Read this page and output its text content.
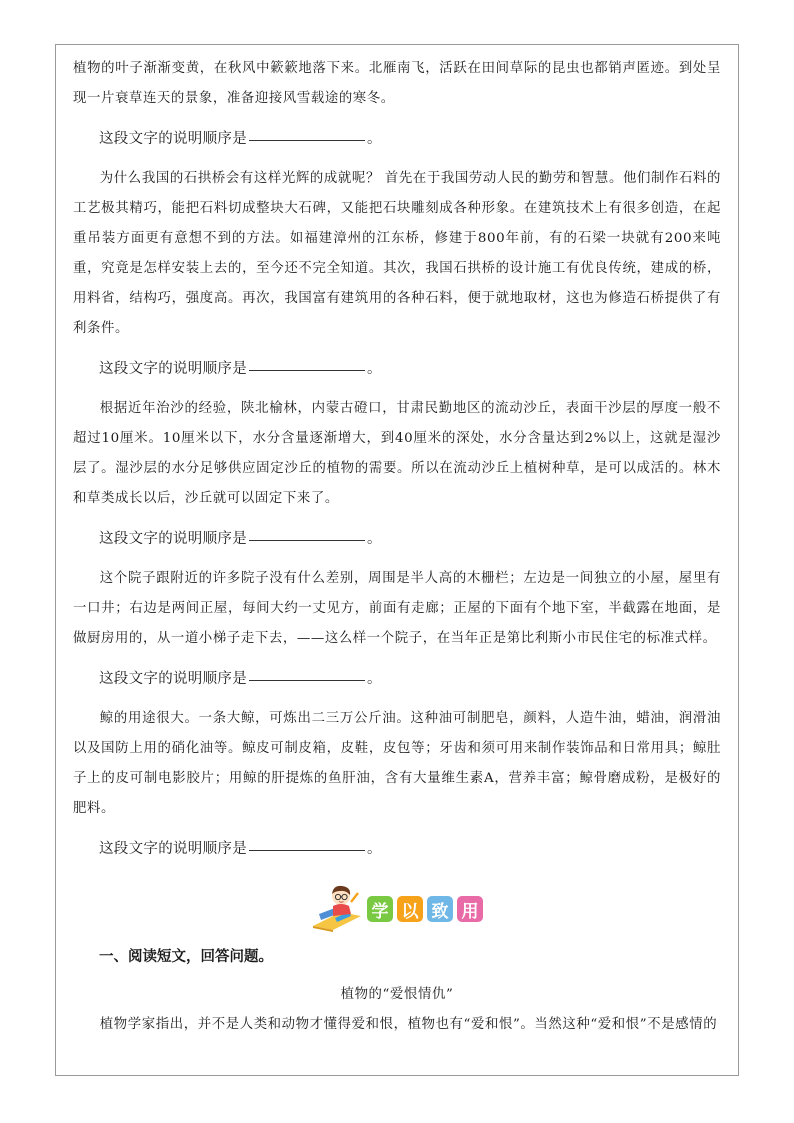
植物的叶子渐渐变黄，在秋风中簌簌地落下来。北雁南飞，活跃在田间草际的昆虫也都销声匿迹。到处呈现一片衰草连天的景象，准备迎接风雪载途的寒冬。

这段文字的说明顺序是	。

为什么我国的石拱桥会有这样光辉的成就呢？ 首先在于我国劳动人民的勤劳和智慧。他们制作石料的工艺极其精巧，能把石料切成整块大石碑，又能把石块雕刻成各种形象。在建筑技术上有很多创造，在起重吊装方面更有意想不到的方法。如福建漳州的江东桥，修建于800年前，有的石梁一块就有200来吨重，究竟是怎样安装上去的，至今还不完全知道。其次，我国石拱桥的设计施工有优良传统，建成的桥，用料省，结构巧，强度高。再次，我国富有建筑用的各种石料，便于就地取材，这也为修造石桥提供了有利条件。

这段文字的说明顺序是	。

根据近年治沙的经验，陕北榆林，内蒙古磴口，甘肃民勤地区的流动沙丘，表面干沙层的厚度一般不超过10厘米。10厘米以下，水分含量逐渐增大，到40厘米的深处，水分含量达到2%以上，这就是湿沙层了。湿沙层的水分足够供应固定沙丘的植物的需要。所以在流动沙丘上植树种草，是可以成活的。林木和草类成长以后，沙丘就可以固定下来了。

这段文字的说明顺序是	。

这个院子跟附近的许多院子没有什么差别，周围是半人高的木栅栏；左边是一间独立的小屋，屋里有一口井；右边是两间正屋，每间大约一丈见方，前面有走廊；正屋的下面有个地下室，半截露在地面，是做厨房用的，从一道小梯子走下去，——这么样一个院子，在当年正是第比利斯小市民住宅的标准式样。

这段文字的说明顺序是	。

鲸的用途很大。一条大鲸，可炼出二三万公斤油。这种油可制肥皂，颜料，人造牛油，蜡油，润滑油以及国防上用的硝化油等。鲸皮可制皮箱，皮鞋，皮包等；牙齿和须可用来制作装饰品和日常用具；鲸肚子上的皮可制电影胶片；用鲸的肝提炼的鱼肝油，含有大量维生素A，营养丰富；鲸骨磨成粉，是极好的肥料。

这段文字的说明顺序是	。

学 以 致 用

一、阅读短文，回答问题。

植物的“爱恨情仇”

植物学家指出，并不是人类和动物才懂得爱和恨，植物也有“爱和恨”。当然这种“爱和恨”不是感情的
